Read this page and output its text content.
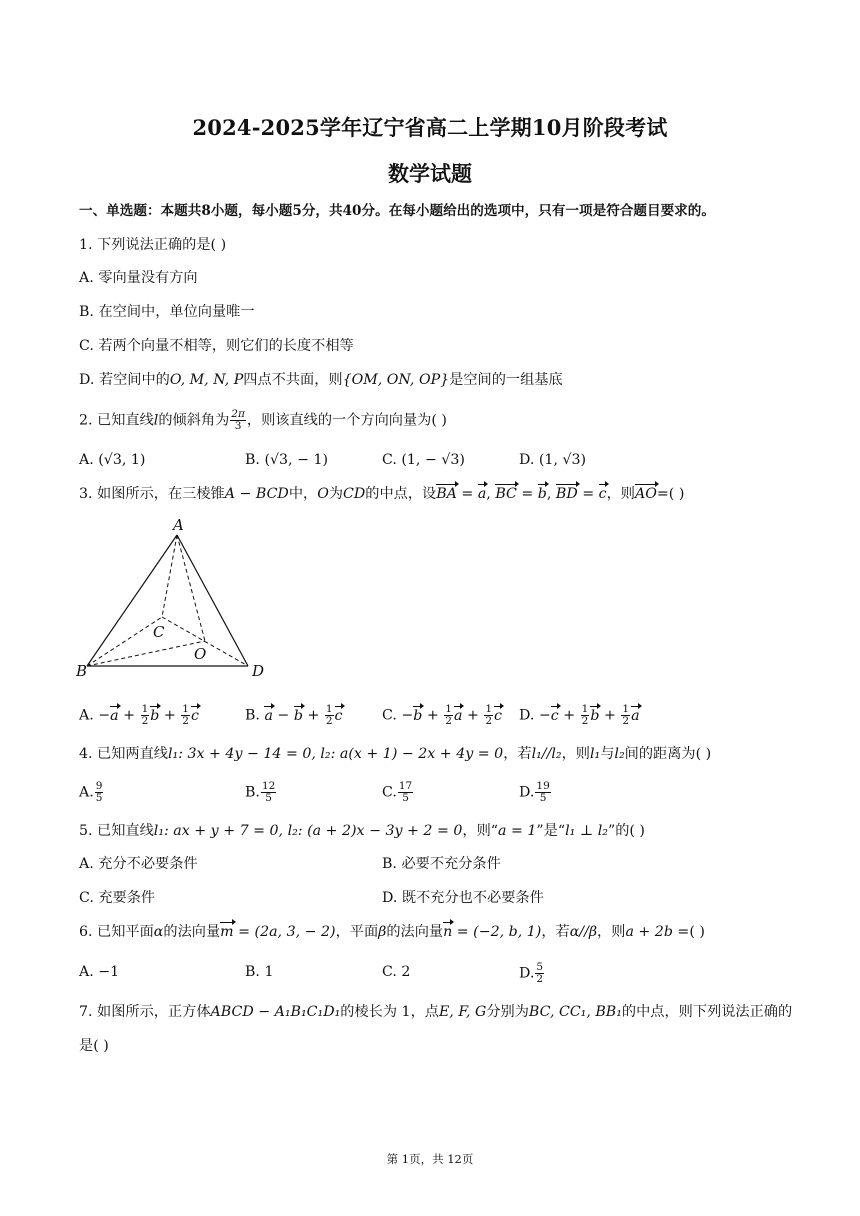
2024-2025学年辽宁省高二上学期10月阶段考试
数学试题
一、单选题：本题共8小题，每小题5分，共40分。在每小题给出的选项中，只有一项是符合题目要求的。
1. 下列说法正确的是( )
A. 零向量没有方向
B. 在空间中，单位向量唯一
C. 若两个向量不相等，则它们的长度不相等
D. 若空间中的O, M, N, P四点不共面，则{OM, ON, OP}是空间的一组基底
2. 已知直线l的倾斜角为 $\frac{2\pi}{3}$ ，则该直线的一个方向向量为( )
A. (√3, 1)	B. (√3, − 1)	C. (1, − √3)	D. (1, √3)
3. 如图所示，在三棱锥A − BCD中，O为CD的中点，设BA = a, BC = b, BD = c，则AO=( )
A
B
C
D
O
A. $-a + \frac{1}{2}$ $b + \frac{1}{2}$ c	B. $a - b + \frac{1}{2}$ c	C. $-b + \frac{1}{2}$ $a + \frac{1}{2}$ c D. $-c + \frac{1}{2}$ $b + \frac{1}{2}$ a
4. 已知两直线l₁: 3x + 4y − 14 = 0, l₂: a(x + 1) − 2x + 4y = 0，若l₁//l₂，则l₁与l₂间的距离为( )
A. $\frac{9}{5}$	B. $\frac{12}{5}$	C. $\frac{17}{5}$	D. $\frac{19}{5}$
5. 已知直线l₁: ax + y + 7 = 0, l₂: (a + 2)x − 3y + 2 = 0，则“a = 1”是“l₁ ⊥ l₂”的( )
A. 充分不必要条件	B. 必要不充分条件
C. 充要条件	D. 既不充分也不必要条件
6. 已知平面α的法向量m = (2a, 3, − 2)，平面β的法向量n = (−2, b, 1)，若α//β，则a + 2b =( )
A. −1	B. 1	C. 2	D. $\frac{5}{2}$
7. 如图所示，正方体ABCD − A₁B₁C₁D₁的棱长为 1，点E, F, G分别为BC, CC₁, BB₁的中点，则下列说法正确的
是( )
第 1页，共 12页
